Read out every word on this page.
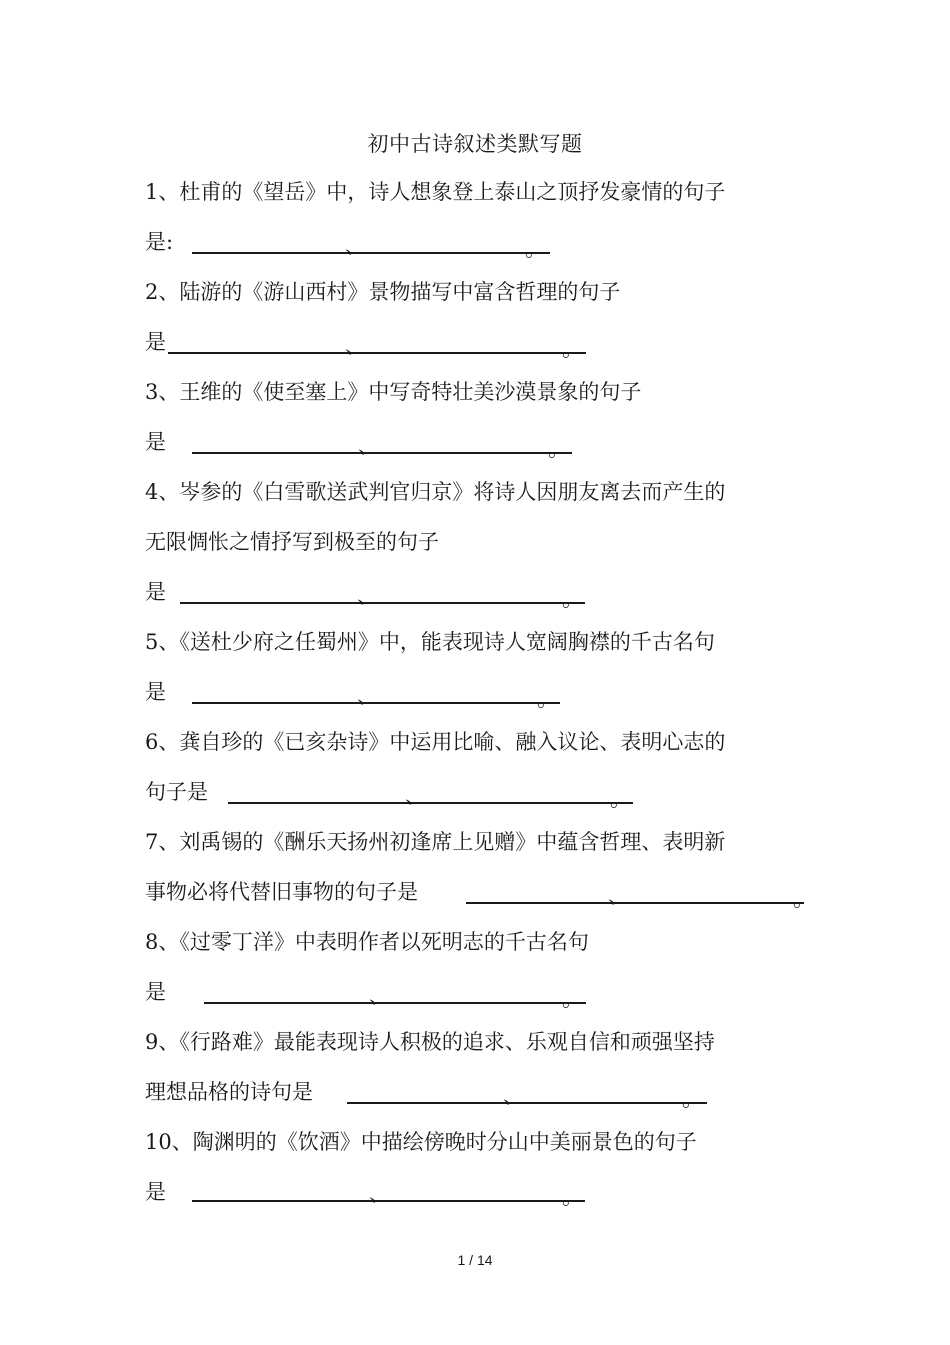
初中古诗叙述类默写题
1、杜甫的《望岳》中，诗人想象登上泰山之顶抒发豪情的句子
是:	、	。
2、陆游的《游山西村》景物描写中富含哲理的句子
是	、	。
3、王维的《使至塞上》中写奇特壮美沙漠景象的句子
是	、	。
4、岑参的《白雪歌送武判官归京》将诗人因朋友离去而产生的
无限惆怅之情抒写到极至的句子
是	、	。
5、《送杜少府之任蜀州》中，能表现诗人宽阔胸襟的千古名句
是	、	。
6、龚自珍的《已亥杂诗》中运用比喻、融入议论、表明心志的
句子是	、	。
7、刘禹锡的《酬乐天扬州初逢席上见赠》中蕴含哲理、表明新
事物必将代替旧事物的句子是	、	。
8、《过零丁洋》中表明作者以死明志的千古名句
是	、	。
9、《行路难》最能表现诗人积极的追求、乐观自信和顽强坚持
理想品格的诗句是	、	。
10、陶渊明的《饮酒》中描绘傍晚时分山中美丽景色的句子
是	、	。
1 / 14
